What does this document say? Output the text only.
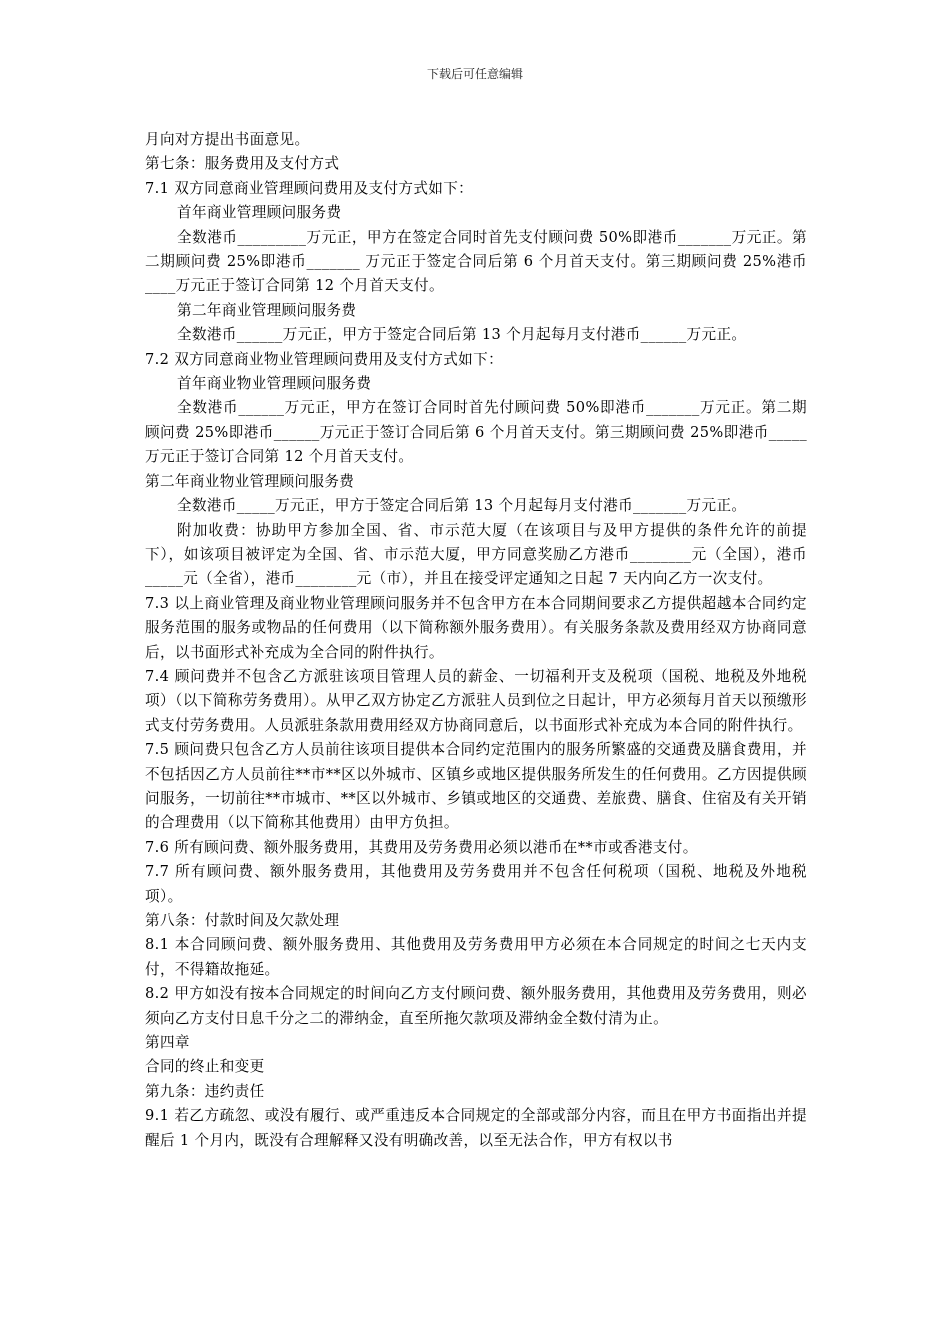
下载后可任意编辑

月向对方提出书面意见。

第七条：服务费用及支付方式

7.1 双方同意商业管理顾问费用及支付方式如下：

首年商业管理顾问服务费

全数港币_________万元正，甲方在签定合同时首先支付顾问费 50%即港币_______万元正。第二期顾问费 25%即港币_______ 万元正于签定合同后第 6 个月首天支付。第三期顾问费 25%港币____万元正于签订合同第 12 个月首天支付。

第二年商业管理顾问服务费

全数港币______万元正，甲方于签定合同后第 13 个月起每月支付港币______万元正。

7.2 双方同意商业物业管理顾问费用及支付方式如下：

首年商业物业管理顾问服务费

全数港币______万元正，甲方在签订合同时首先付顾问费 50%即港币_______万元正。第二期顾问费 25%即港币______万元正于签订合同后第 6 个月首天支付。第三期顾问费 25%即港币_____万元正于签订合同第 12 个月首天支付。

第二年商业物业管理顾问服务费

全数港币_____万元正，甲方于签定合同后第 13 个月起每月支付港币_______万元正。

附加收费：协助甲方参加全国、省、市示范大厦（在该项目与及甲方提供的条件允许的前提下），如该项目被评定为全国、省、市示范大厦，甲方同意奖励乙方港币________元（全国），港币_____元（全省），港币________元（市），并且在接受评定通知之日起 7 天内向乙方一次支付。

7.3 以上商业管理及商业物业管理顾问服务并不包含甲方在本合同期间要求乙方提供超越本合同约定服务范围的服务或物品的任何费用（以下简称额外服务费用）。有关服务条款及费用经双方协商同意后，以书面形式补充成为全合同的附件执行。

7.4 顾问费并不包含乙方派驻该项目管理人员的薪金、一切福利开支及税项（国税、地税及外地税项）（以下简称劳务费用）。从甲乙双方协定乙方派驻人员到位之日起计，甲方必须每月首天以预缴形式支付劳务费用。人员派驻条款用费用经双方协商同意后，以书面形式补充成为本合同的附件执行。

7.5 顾问费只包含乙方人员前往该项目提供本合同约定范围内的服务所繁盛的交通费及膳食费用，并不包括因乙方人员前往**市**区以外城市、区镇乡或地区提供服务所发生的任何费用。乙方因提供顾问服务，一切前往**市城市、**区以外城市、乡镇或地区的交通费、差旅费、膳食、住宿及有关开销的合理费用（以下简称其他费用）由甲方负担。

7.6 所有顾问费、额外服务费用，其费用及劳务费用必须以港币在**市或香港支付。

7.7 所有顾问费、额外服务费用，其他费用及劳务费用并不包含任何税项（国税、地税及外地税项）。

第八条：付款时间及欠款处理

8.1 本合同顾问费、额外服务费用、其他费用及劳务费用甲方必须在本合同规定的时间之七天内支付，不得籍故拖延。

8.2 甲方如没有按本合同规定的时间向乙方支付顾问费、额外服务费用，其他费用及劳务费用，则必须向乙方支付日息千分之二的滞纳金，直至所拖欠款项及滞纳金全数付清为止。

第四章

合同的终止和变更

第九条：违约责任

9.1 若乙方疏忽、或没有履行、或严重违反本合同规定的全部或部分内容，而且在甲方书面指出并提醒后 1 个月内，既没有合理解释又没有明确改善，以至无法合作，甲方有权以书
